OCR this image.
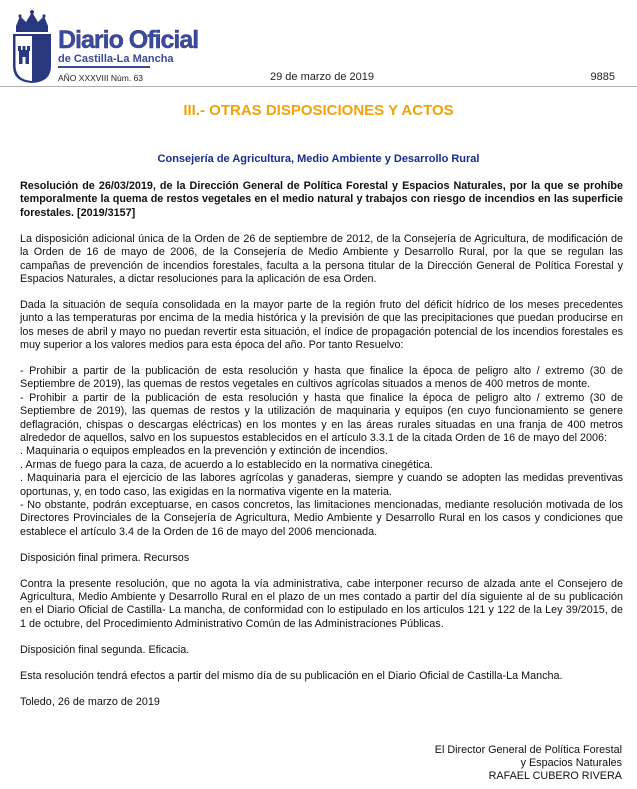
Diario Oficial
de Castilla-La Mancha
AÑO XXXVIII Núm. 63	29 de marzo de 2019	9885
III.- OTRAS DISPOSICIONES Y ACTOS
Consejería de Agricultura, Medio Ambiente y Desarrollo Rural

Resolución de 26/03/2019, de la Dirección General de Política Forestal y Espacios Naturales, por la que se prohíbe temporalmente la quema de restos vegetales en el medio natural y trabajos con riesgo de incendios en las superficie forestales. [2019/3157]

La disposición adicional única de la Orden de 26 de septiembre de 2012, de la Consejería de Agricultura, de modificación de la Orden de 16 de mayo de 2006, de la Consejería de Medio Ambiente y Desarrollo Rural, por la que se regulan las campañas de prevención de incendios forestales, faculta a la persona titular de la Dirección General de Política Forestal y Espacios Naturales, a dictar resoluciones para la aplicación de esa Orden.

Dada la situación de sequía consolidada en la mayor parte de la región fruto del déficit hídrico de los meses precedentes junto a las temperaturas por encima de la media histórica y la previsión de que las precipitaciones que puedan producirse en los meses de abril y mayo no puedan revertir esta situación, el índice de propagación potencial de los incendios forestales es muy superior a los valores medios para esta época del año. Por tanto Resuelvo:

- Prohibir a partir de la publicación de esta resolución y hasta que finalice la época de peligro alto / extremo (30 de Septiembre de 2019), las quemas de restos vegetales en cultivos agrícolas situados a menos de 400 metros de monte.

- Prohibir a partir de la publicación de esta resolución y hasta que finalice la época de peligro alto / extremo (30 de Septiembre de 2019), las quemas de restos y la utilización de maquinaria y equipos (en cuyo funcionamiento se genere deflagración, chispas o descargas eléctricas) en los montes y en las áreas rurales situadas en una franja de 400 metros alrededor de aquellos, salvo en los supuestos establecidos en el artículo 3.3.1 de la citada Orden de 16 de mayo del 2006:

. Maquinaria o equipos empleados en la prevención y extinción de incendios.

. Armas de fuego para la caza, de acuerdo a lo establecido en la normativa cinegética.

. Maquinaria para el ejercicio de las labores agrícolas y ganaderas, siempre y cuando se adopten las medidas preventivas oportunas, y, en todo caso, las exigidas en la normativa vigente en la materia.

- No obstante, podrán exceptuarse, en casos concretos, las limitaciones mencionadas, mediante resolución motivada de los Directores Provinciales de la Consejería de Agricultura, Medio Ambiente y Desarrollo Rural en los casos y condiciones que establece el artículo 3.4 de la Orden de 16 de mayo del 2006 mencionada.

Disposición final primera. Recursos

Contra la presente resolución, que no agota la vía administrativa, cabe interponer recurso de alzada ante el Consejero de Agricultura, Medio Ambiente y Desarrollo Rural en el plazo de un mes contado a partir del día siguiente al de su publicación en el Diario Oficial de Castilla- La mancha, de conformidad con lo estipulado en los artículos 121 y 122 de la Ley 39/2015, de 1 de octubre, del Procedimiento Administrativo Común de las Administraciones Públicas.

Disposición final segunda. Eficacia.

Esta resolución tendrá efectos a partir del mismo día de su publicación en el Diario Oficial de Castilla-La Mancha.

Toledo, 26 de marzo de 2019

El Director General de Política Forestal
y Espacios Naturales
RAFAEL CUBERO RIVERA
